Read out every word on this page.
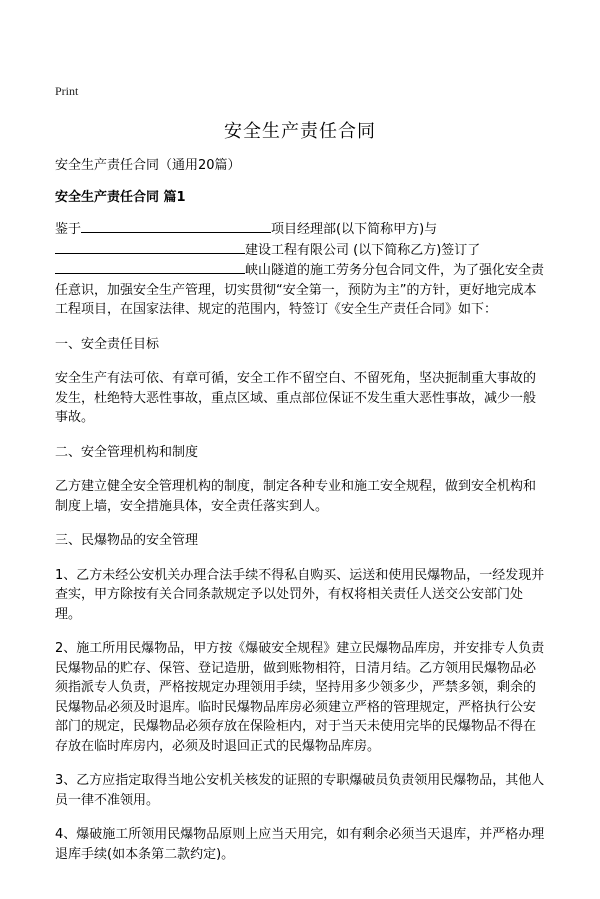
Print
安全生产责任合同
安全生产责任合同（通用20篇）
安全生产责任合同 篇1

鉴于	项目经理部(以下简称甲方)与
建设工程有限公司 (以下简称乙方)签订了
峡山隧道的施工劳务分包合同文件，为了强化安全责任意识，加强安全生产管理，切实贯彻“安全第一，预防为主”的方针，更好地完成本工程项目，在国家法律、规定的范围内，特签订《安全生产责任合同》如下：

一、安全责任目标

安全生产有法可依、有章可循，安全工作不留空白、不留死角，坚决扼制重大事故的发生，杜绝特大恶性事故，重点区域、重点部位保证不发生重大恶性事故，减少一般事故。

二、安全管理机构和制度

乙方建立健全安全管理机构的制度，制定各种专业和施工安全规程，做到安全机构和制度上墙，安全措施具体，安全责任落实到人。

三、民爆物品的安全管理

1、乙方未经公安机关办理合法手续不得私自购买、运送和使用民爆物品，一经发现并查实，甲方除按有关合同条款规定予以处罚外，有权将相关责任人送交公安部门处理。

2、施工所用民爆物品，甲方按《爆破安全规程》建立民爆物品库房，并安排专人负责民爆物品的贮存、保管、登记造册，做到账物相符，日清月结。乙方领用民爆物品必须指派专人负责，严格按规定办理领用手续，坚持用多少领多少，严禁多领，剩余的民爆物品必须及时退库。临时民爆物品库房必须建立严格的管理规定，严格执行公安部门的规定，民爆物品必须存放在保险柜内，对于当天未使用完毕的民爆物品不得在存放在临时库房内，必须及时退回正式的民爆物品库房。

3、乙方应指定取得当地公安机关核发的证照的专职爆破员负责领用民爆物品，其他人员一律不准领用。

4、爆破施工所领用民爆物品原则上应当天用完，如有剩余必须当天退库，并严格办理退库手续(如本条第二款约定)。
